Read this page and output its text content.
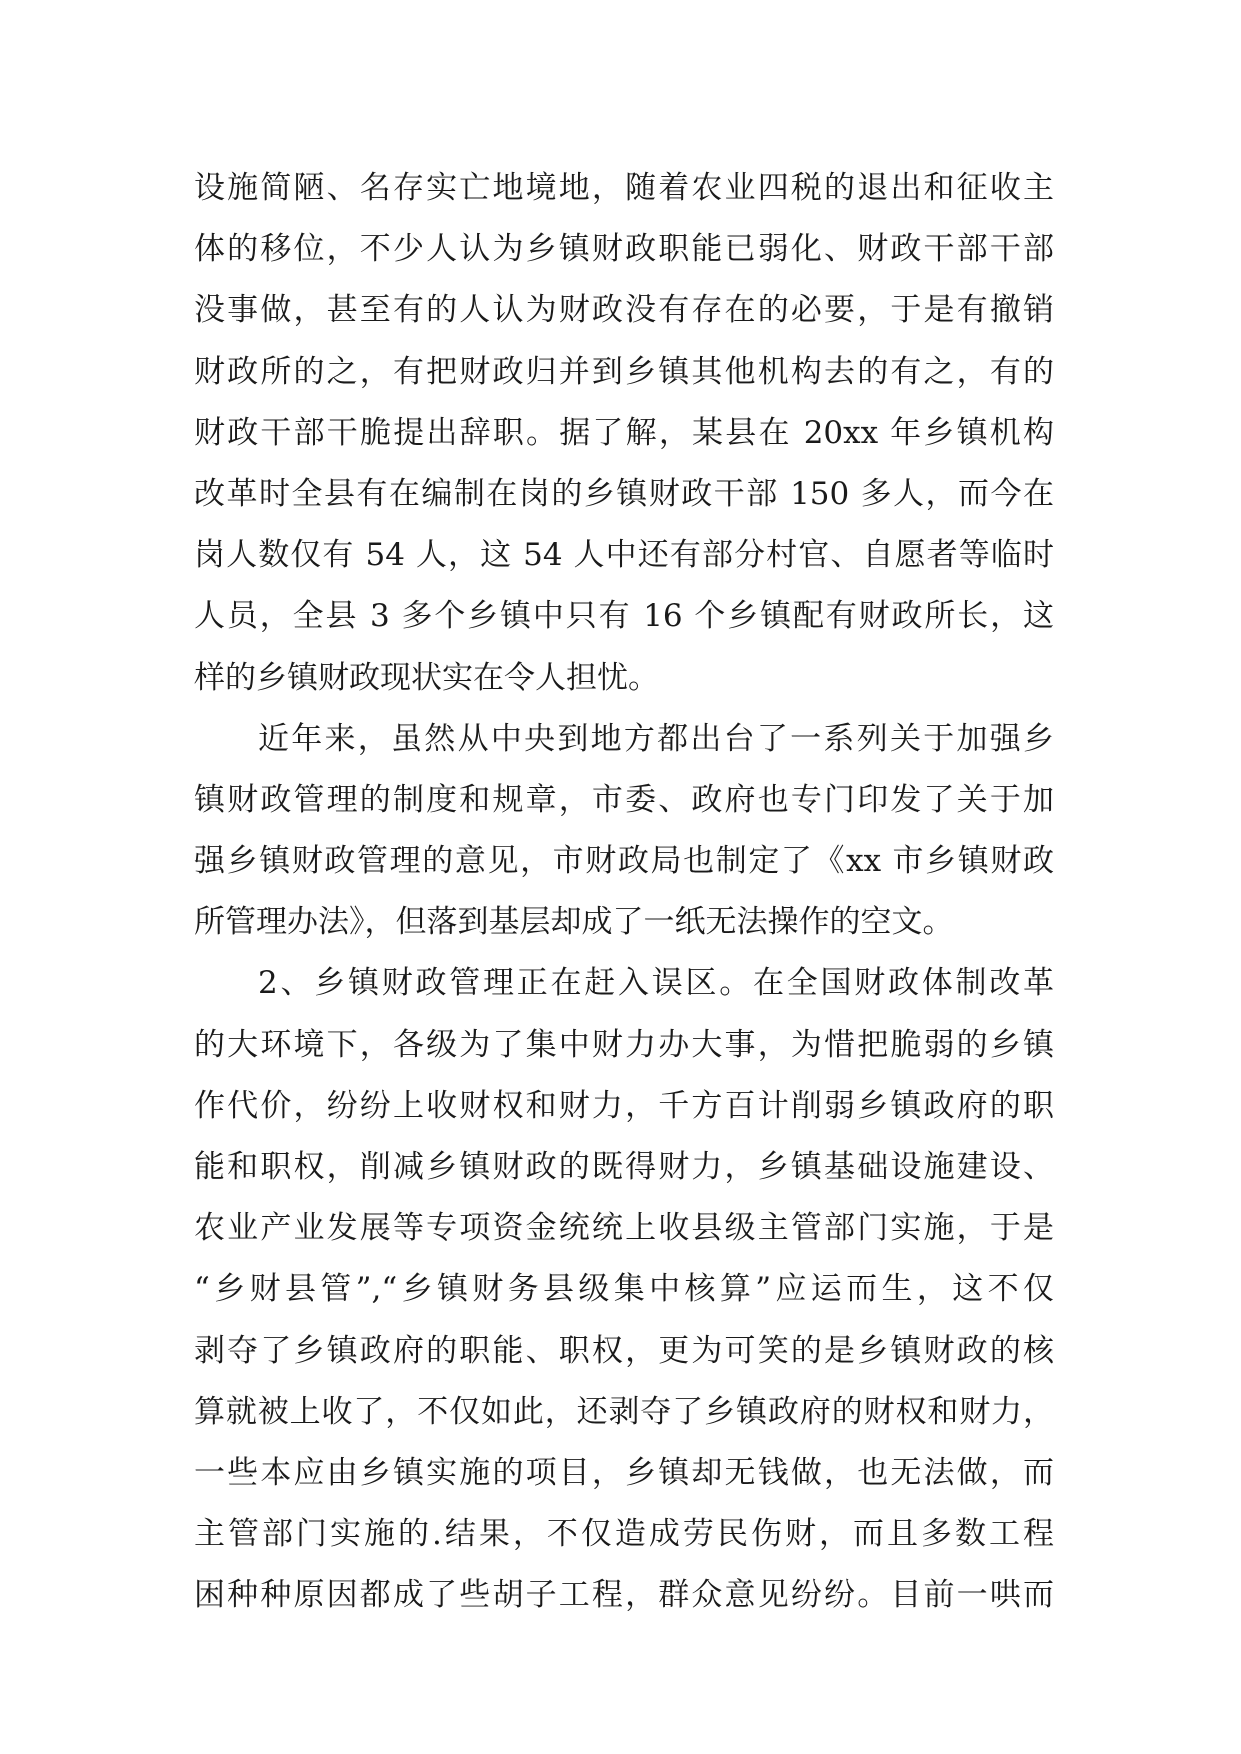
设施简陋、名存实亡地境地，随着农业四税的退出和征收主
体的移位，不少人认为乡镇财政职能已弱化、财政干部干部
没事做，甚至有的人认为财政没有存在的必要，于是有撤销
财政所的之，有把财政归并到乡镇其他机构去的有之，有的
财政干部干脆提出辞职。据了解，某县在 20xx 年乡镇机构
改革时全县有在编制在岗的乡镇财政干部 150 多人，而今在
岗人数仅有 54 人，这 54 人中还有部分村官、自愿者等临时
人员，全县 3 多个乡镇中只有 16 个乡镇配有财政所长，这
样的乡镇财政现状实在令人担忧。
近年来，虽然从中央到地方都出台了一系列关于加强乡
镇财政管理的制度和规章，市委、政府也专门印发了关于加
强乡镇财政管理的意见，市财政局也制定了《xx 市乡镇财政
所管理办法》，但落到基层却成了一纸无法操作的空文。
2、乡镇财政管理正在赶入误区。在全国财政体制改革
的大环境下，各级为了集中财力办大事，为惜把脆弱的乡镇
作代价，纷纷上收财权和财力，千方百计削弱乡镇政府的职
能和职权，削减乡镇财政的既得财力，乡镇基础设施建设、
农业产业发展等专项资金统统上收县级主管部门实施，于是
“乡财县管”,“乡镇财务县级集中核算”应运而生，这不仅
剥夺了乡镇政府的职能、职权，更为可笑的是乡镇财政的核
算就被上收了，不仅如此，还剥夺了乡镇政府的财权和财力，
一些本应由乡镇实施的项目，乡镇却无钱做，也无法做，而
主管部门实施的.结果，不仅造成劳民伤财，而且多数工程
困种种原因都成了些胡子工程，群众意见纷纷。目前一哄而
